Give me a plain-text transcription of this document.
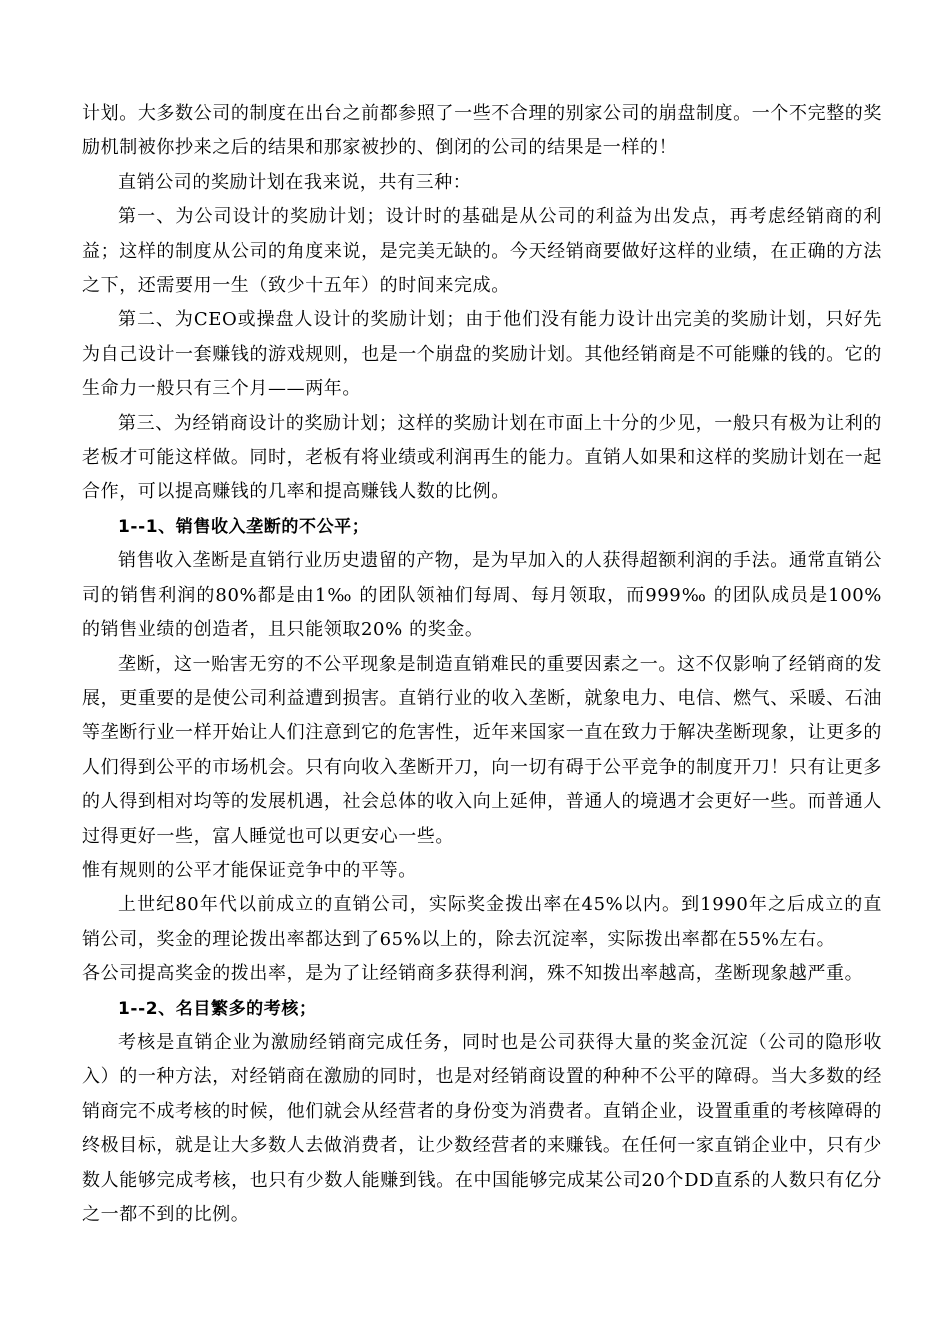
计划。大多数公司的制度在出台之前都参照了一些不合理的别家公司的崩盘制度。一个不完整的奖励机制被你抄来之后的结果和那家被抄的、倒闭的公司的结果是一样的！

直销公司的奖励计划在我来说，共有三种：

第一、为公司设计的奖励计划；设计时的基础是从公司的利益为出发点，再考虑经销商的利益；这样的制度从公司的角度来说，是完美无缺的。今天经销商要做好这样的业绩，在正确的方法之下，还需要用一生（致少十五年）的时间来完成。

第二、为CEO或操盘人设计的奖励计划；由于他们没有能力设计出完美的奖励计划，只好先为自己设计一套赚钱的游戏规则，也是一个崩盘的奖励计划。其他经销商是不可能赚的钱的。它的生命力一般只有三个月——两年。

第三、为经销商设计的奖励计划；这样的奖励计划在市面上十分的少见，一般只有极为让利的老板才可能这样做。同时，老板有将业绩或利润再生的能力。直销人如果和这样的奖励计划在一起合作，可以提高赚钱的几率和提高赚钱人数的比例。

1--1、销售收入垄断的不公平；

销售收入垄断是直销行业历史遗留的产物，是为早加入的人获得超额利润的手法。通常直销公司的销售利润的80%都是由1‰ 的团队领袖们每周、每月领取，而999‰ 的团队成员是100% 的销售业绩的创造者，且只能领取20% 的奖金。

垄断，这一贻害无穷的不公平现象是制造直销难民的重要因素之一。这不仅影响了经销商的发展，更重要的是使公司利益遭到损害。直销行业的收入垄断，就象电力、电信、燃气、采暖、石油等垄断行业一样开始让人们注意到它的危害性，近年来国家一直在致力于解决垄断现象，让更多的人们得到公平的市场机会。只有向收入垄断开刀，向一切有碍于公平竞争的制度开刀！只有让更多的人得到相对均等的发展机遇，社会总体的收入向上延伸，普通人的境遇才会更好一些。而普通人过得更好一些，富人睡觉也可以更安心一些。

惟有规则的公平才能保证竞争中的平等。

上世纪80年代以前成立的直销公司，实际奖金拨出率在45%以内。到1990年之后成立的直销公司，奖金的理论拨出率都达到了65%以上的，除去沉淀率，实际拨出率都在55%左右。

各公司提高奖金的拨出率，是为了让经销商多获得利润，殊不知拨出率越高，垄断现象越严重。

1--2、名目繁多的考核；

考核是直销企业为激励经销商完成任务，同时也是公司获得大量的奖金沉淀（公司的隐形收入）的一种方法，对经销商在激励的同时，也是对经销商设置的种种不公平的障碍。当大多数的经销商完不成考核的时候，他们就会从经营者的身份变为消费者。直销企业，设置重重的考核障碍的终极目标，就是让大多数人去做消费者，让少数经营者的来赚钱。在任何一家直销企业中，只有少数人能够完成考核，也只有少数人能赚到钱。在中国能够完成某公司20个DD直系的人数只有亿分之一都不到的比例。
